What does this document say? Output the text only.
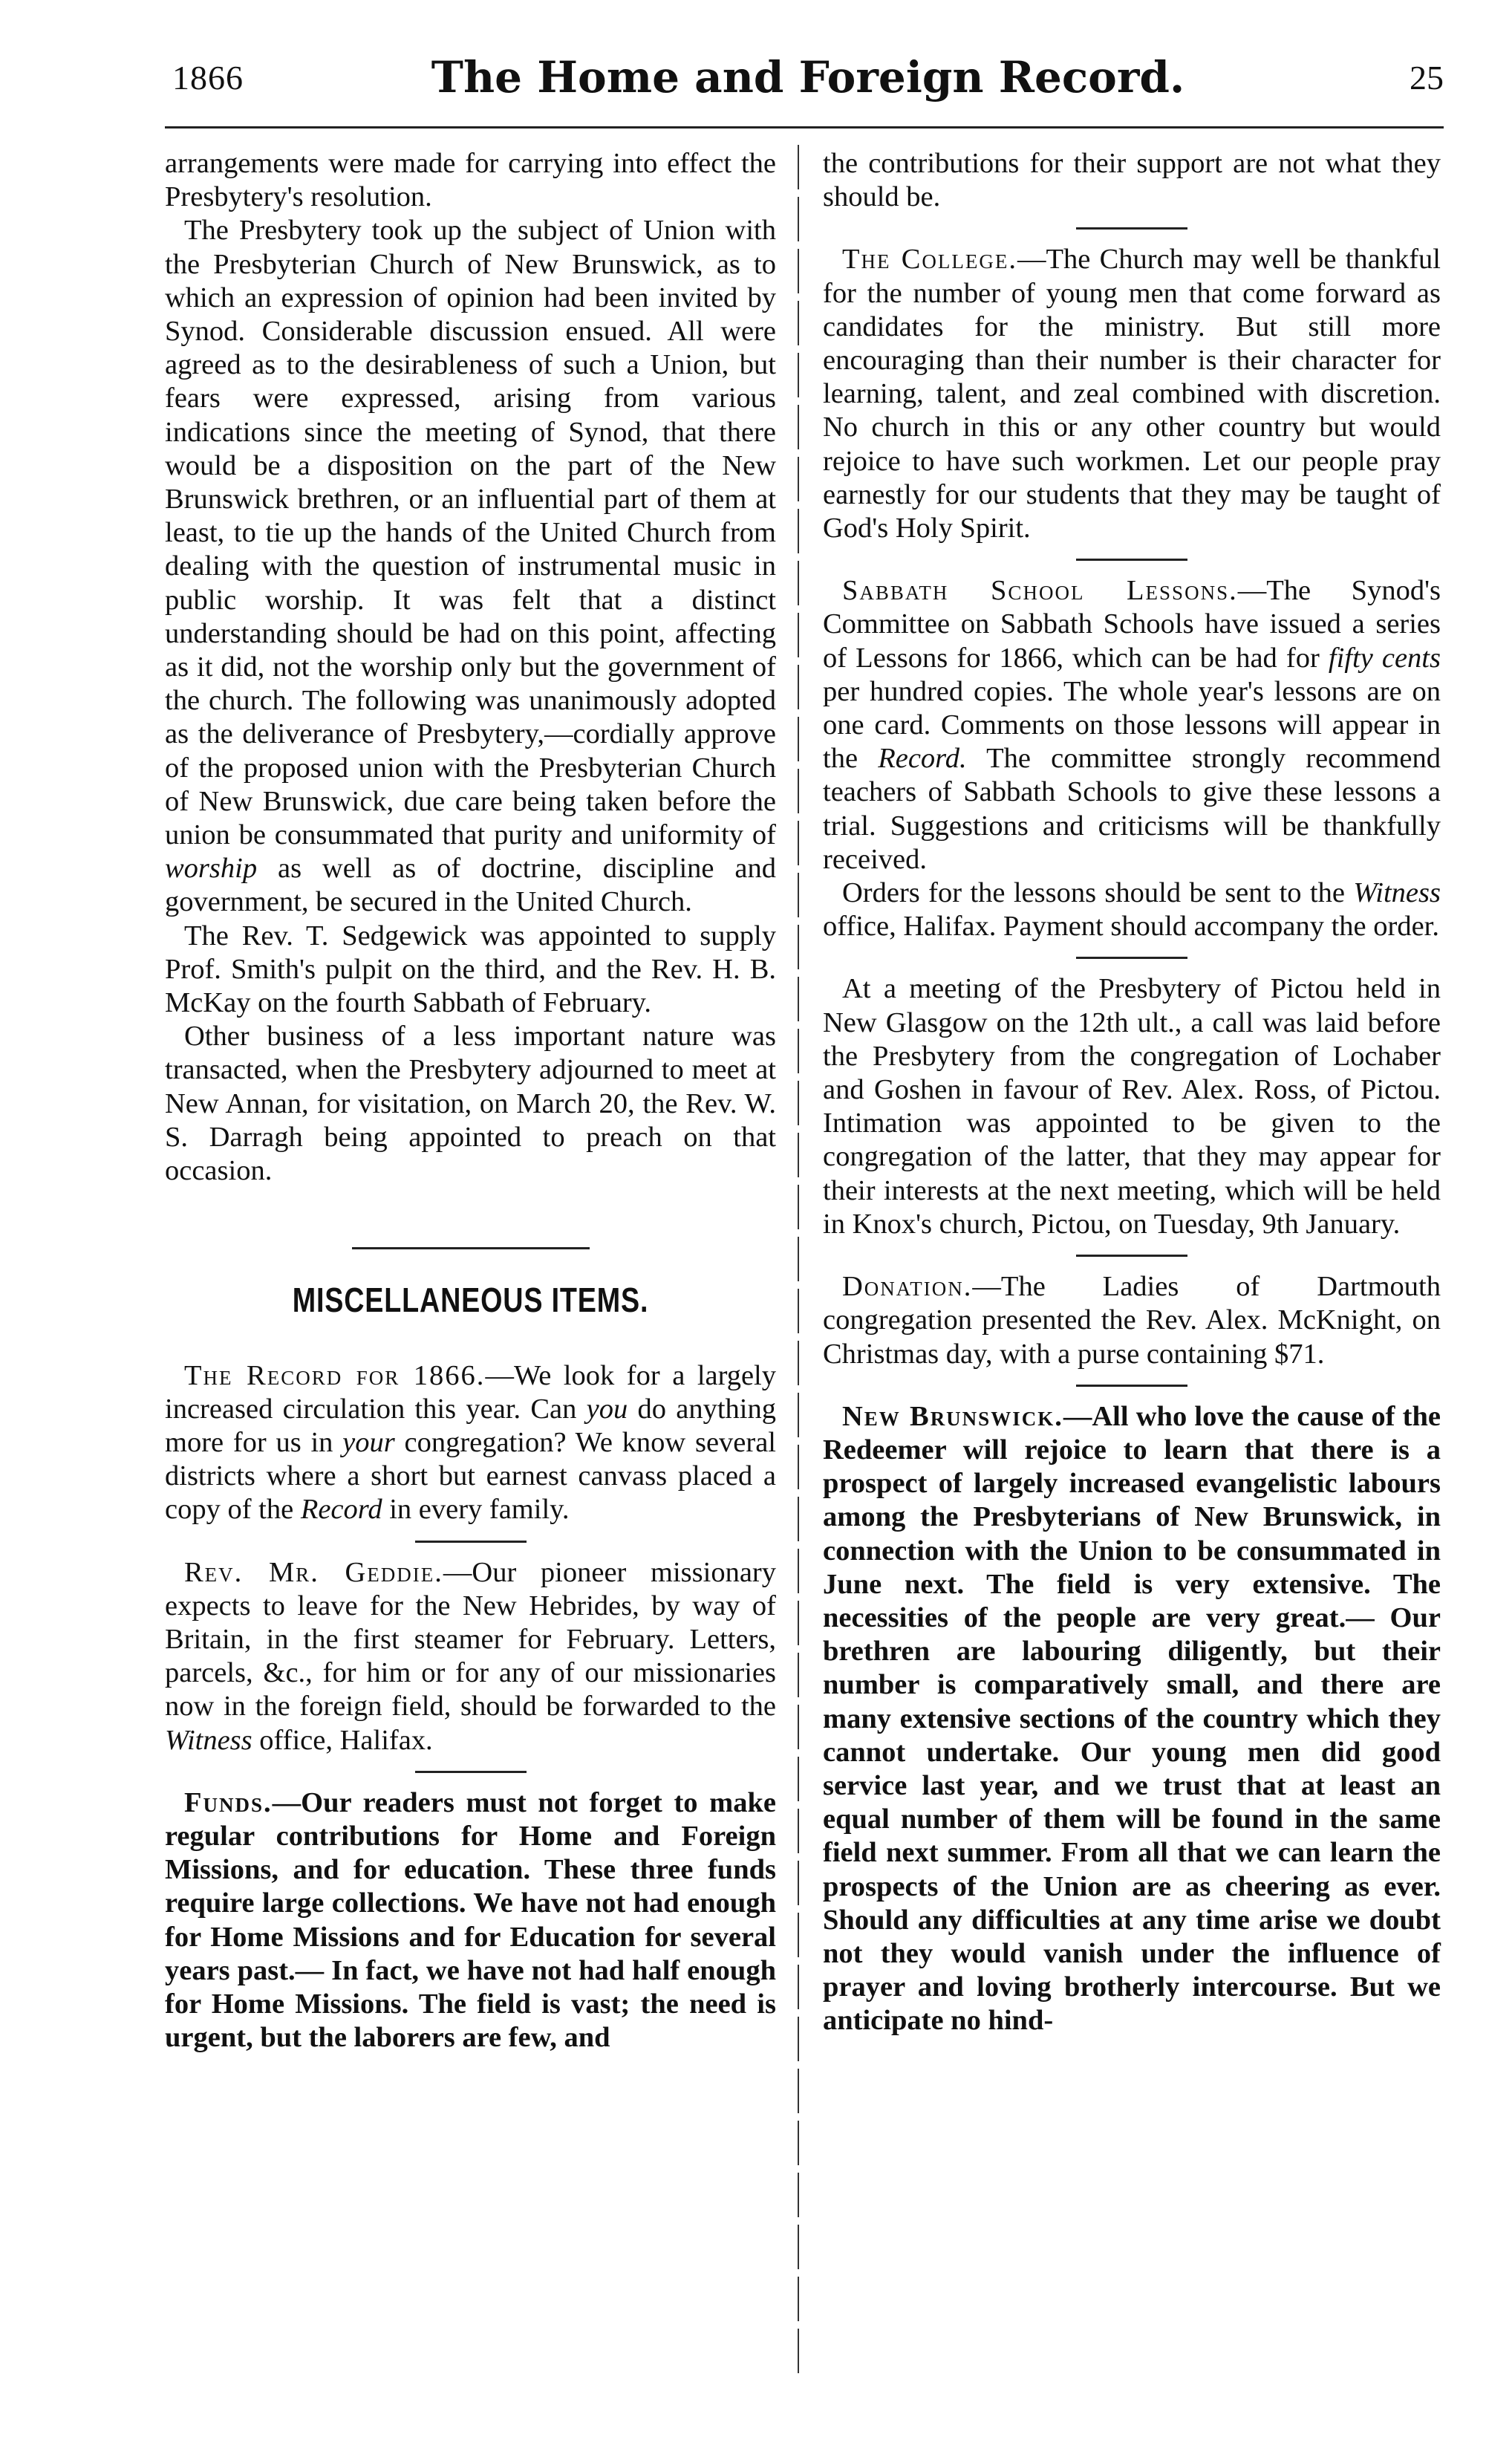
1866	The Home and Foreign Record.	25

arrangements were made for carrying into effect the Presbytery's resolution.

The Presbytery took up the subject of Union with the Presbyterian Church of New Brunswick, as to which an expression of opinion had been invited by Synod. Considerable discussion ensued. All were agreed as to the desirableness of such a Union, but fears were expressed, arising from various indications since the meeting of Synod, that there would be a disposition on the part of the New Brunswick brethren, or an influential part of them at least, to tie up the hands of the United Church from dealing with the question of instrumental music in public worship. It was felt that a distinct understanding should be had on this point, affecting as it did, not the worship only but the government of the church. The following was unanimously adopted as the deliverance of Presbytery,—cordially approve of the proposed union with the Presbyterian Church of New Brunswick, due care being taken before the union be consummated that purity and uniformity of worship as well as of doctrine, discipline and government, be secured in the United Church.

The Rev. T. Sedgewick was appointed to supply Prof. Smith's pulpit on the third, and the Rev. H. B. McKay on the fourth Sabbath of February.

Other business of a less important nature was transacted, when the Presbytery adjourned to meet at New Annan, for visitation, on March 20, the Rev. W. S. Darragh being appointed to preach on that occasion.

MISCELLANEOUS ITEMS.

The Record for 1866.—We look for a largely increased circulation this year. Can you do anything more for us in your congregation? We know several districts where a short but earnest canvass placed a copy of the Record in every family.

Rev. Mr. Geddie.—Our pioneer missionary expects to leave for the New Hebrides, by way of Britain, in the first steamer for February. Letters, parcels, &c., for him or for any of our missionaries now in the foreign field, should be forwarded to the Witness office, Halifax.

Funds.—Our readers must not forget to make regular contributions for Home and Foreign Missions, and for education. These three funds require large collections. We have not had enough for Home Missions and for Education for several years past.— In fact, we have not had half enough for Home Missions. The field is vast; the need is urgent, but the laborers are few, and

the contributions for their support are not what they should be.

The College.—The Church may well be thankful for the number of young men that come forward as candidates for the ministry. But still more encouraging than their number is their character for learning, talent, and zeal combined with discretion. No church in this or any other country but would rejoice to have such workmen. Let our people pray earnestly for our students that they may be taught of God's Holy Spirit.

Sabbath School Lessons.—The Synod's Committee on Sabbath Schools have issued a series of Lessons for 1866, which can be had for fifty cents per hundred copies. The whole year's lessons are on one card. Comments on those lessons will appear in the Record. The committee strongly recommend teachers of Sabbath Schools to give these lessons a trial. Suggestions and criticisms will be thankfully received.

Orders for the lessons should be sent to the Witness office, Halifax. Payment should accompany the order.

At a meeting of the Presbytery of Pictou held in New Glasgow on the 12th ult., a call was laid before the Presbytery from the congregation of Lochaber and Goshen in favour of Rev. Alex. Ross, of Pictou. Intimation was appointed to be given to the congregation of the latter, that they may appear for their interests at the next meeting, which will be held in Knox's church, Pictou, on Tuesday, 9th January.

Donation.—The Ladies of Dartmouth congregation presented the Rev. Alex. McKnight, on Christmas day, with a purse containing $71.

New Brunswick.—All who love the cause of the Redeemer will rejoice to learn that there is a prospect of largely increased evangelistic labours among the Presbyterians of New Brunswick, in connection with the Union to be consummated in June next. The field is very extensive. The necessities of the people are very great.— Our brethren are labouring diligently, but their number is comparatively small, and there are many extensive sections of the country which they cannot undertake. Our young men did good service last year, and we trust that at least an equal number of them will be found in the same field next summer. From all that we can learn the prospects of the Union are as cheering as ever. Should any difficulties at any time arise we doubt not they would vanish under the influence of prayer and loving brotherly intercourse. But we anticipate no hind-
